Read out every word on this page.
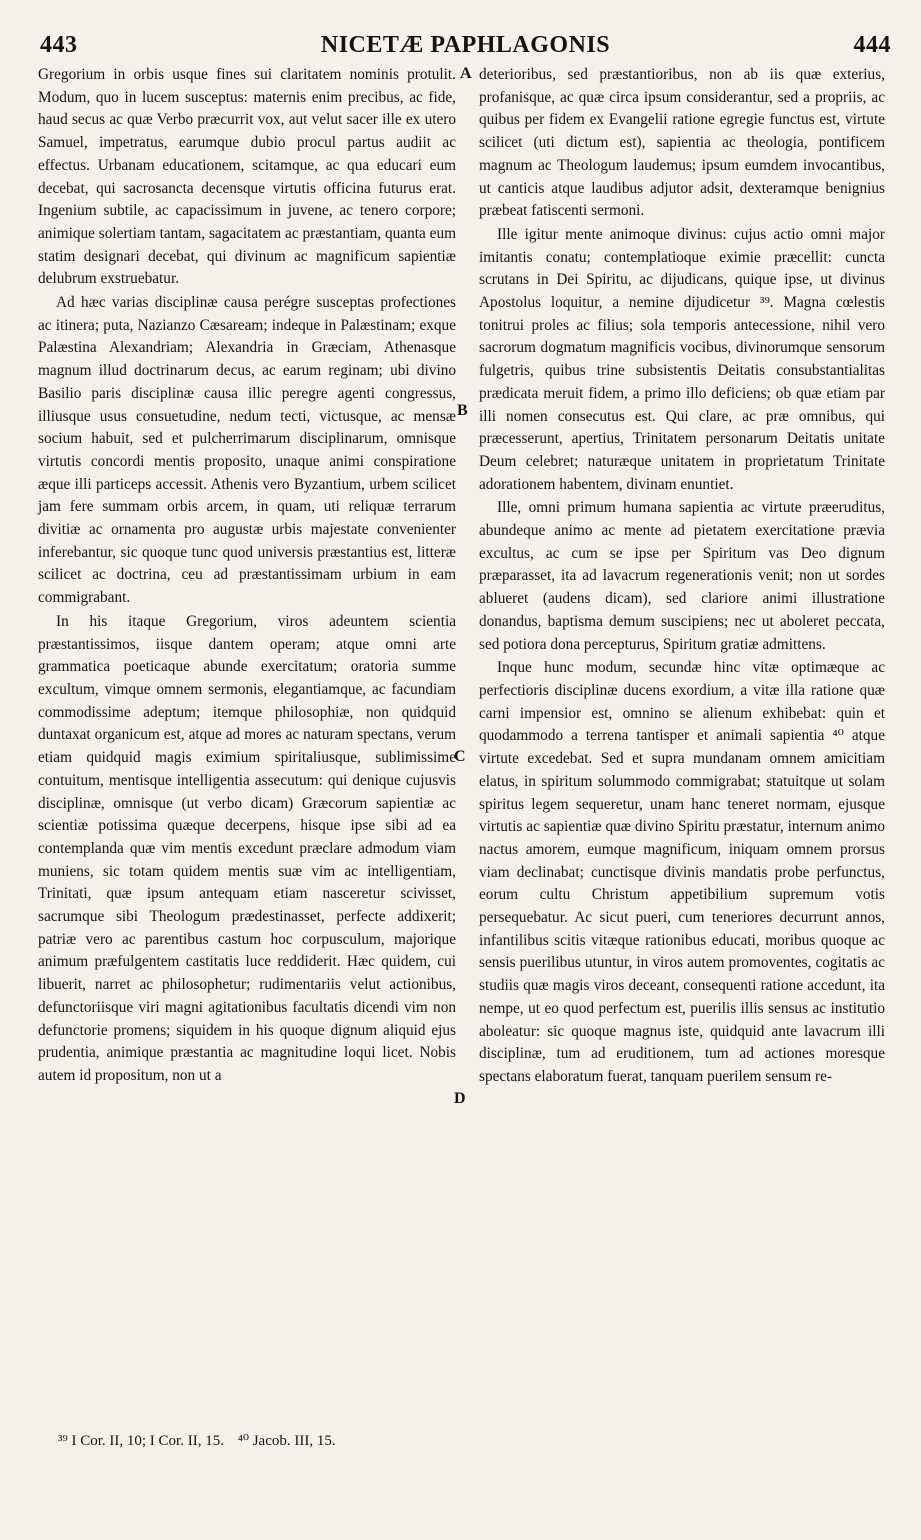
443	NICETÆ PAPHLAGONIS	444

Gregorium in orbis usque fines sui claritatem nominis protulit. Modum, quo in lucem susceptus: maternis enim precibus, ac fide, haud secus ac quæ Verbo præcurrit vox, aut velut sacer ille ex utero Samuel, impetratus, earumque dubio procul partus audiit ac effectus. Urbanam educationem, scitamque, ac qua educari eum decebat, qui sacrosancta decensque virtutis officina futurus erat. Ingenium subtile, ac capacissimum in juvene, ac tenero corpore; animique solertiam tantam, sagacitatem ac præstantiam, quanta eum statim designari decebat, qui divinum ac magnificum sapientiæ delubrum exstruebatur.

Ad hæc varias disciplinæ causa perégre susceptas profectiones ac itinera; puta, Nazianzo Cæsaream; indeque in Palæstinam; exque Palæstina Alexandriam; Alexandria in Græciam, Athenasque magnum illud doctrinarum decus, ac earum reginam; ubi divino Basilio paris disciplinæ causa illic peregre agenti congressus, illiusque usus consuetudine, nedum tecti, victusque, ac mensæ socium habuit, sed et pulcherrimarum disciplinarum, omnisque virtutis concordi mentis proposito, unaque animi conspiratione æque illi particeps accessit. Athenis vero Byzantium, urbem scilicet jam fere summam orbis arcem, in quam, uti reliquæ terrarum divitiæ ac ornamenta pro augustæ urbis majestate convenienter inferebantur, sic quoque tunc quod universis præstantius est, litteræ scilicet ac doctrina, ceu ad præstantissimam urbium in eam commigrabant.

In his itaque Gregorium, viros adeuntem scientia præstantissimos, iisque dantem operam; atque omni arte grammatica poeticaque abunde exercitatum; oratoria summe excultum, vimque omnem sermonis, elegantiamque, ac facundiam commodissime adeptum; itemque philosophiæ, non quidquid duntaxat organicum est, atque ad mores ac naturam spectans, verum etiam quidquid magis eximium spiritaliusque, sublimissime contuitum, mentisque intelligentia assecutum: qui denique cujusvis disciplinæ, omnisque (ut verbo dicam) Græcorum sapientiæ ac scientiæ potissima quæque decerpens, hisque ipse sibi ad ea contemplanda quæ vim mentis excedunt præclare admodum viam muniens, sic totam quidem mentis suæ vim ac intelligentiam, Trinitati, quæ ipsum antequam etiam nasceretur scivisset, sacrumque sibi Theologum prædestinasset, perfecte addixerit; patriæ vero ac parentibus castum hoc corpusculum, majorique animum præfulgentem castitatis luce reddiderit. Hæc quidem, cui libuerit, narret ac philosophetur; rudimentariis velut actionibus, defunctoriisque viri magni agitationibus facultatis dicendi vim non defunctorie promens; siquidem in his quoque dignum aliquid ejus prudentia, animique præstantia ac magnitudine loqui licet. Nobis autem id propositum, non ut a

A
B
C
D

deterioribus, sed præstantioribus, non ab iis quæ exterius, profanisque, ac quæ circa ipsum considerantur, sed a propriis, ac quibus per fidem ex Evangelii ratione egregie functus est, virtute scilicet (uti dictum est), sapientia ac theologia, pontificem magnum ac Theologum laudemus; ipsum eumdem invocantibus, ut canticis atque laudibus adjutor adsit, dexteramque benignius præbeat fatiscenti sermoni.

Ille igitur mente animoque divinus: cujus actio omni major imitantis conatu; contemplatioque eximie præcellit: cuncta scrutans in Dei Spiritu, ac dijudicans, quique ipse, ut divinus Apostolus loquitur, a nemine dijudicetur ³⁹. Magna cœlestis tonitrui proles ac filius; sola temporis antecessione, nihil vero sacrorum dogmatum magnificis vocibus, divinorumque sensorum fulgetris, quibus trine subsistentis Deitatis consubstantialitas prædicata meruit fidem, a primo illo deficiens; ob quæ etiam par illi nomen consecutus est. Qui clare, ac præ omnibus, qui præcesserunt, apertius, Trinitatem personarum Deitatis unitate Deum celebret; naturæque unitatem in proprietatum Trinitate adorationem habentem, divinam enuntiet.

Ille, omni primum humana sapientia ac virtute præeruditus, abundeque animo ac mente ad pietatem exercitatione prævia excultus, ac cum se ipse per Spiritum vas Deo dignum præparasset, ita ad lavacrum regenerationis venit; non ut sordes ablueret (audens dicam), sed clariore animi illustratione donandus, baptisma demum suscipiens; nec ut aboleret peccata, sed potiora dona percepturus, Spiritum gratiæ admittens.

Inque hunc modum, secundæ hinc vitæ optimæque ac perfectioris disciplinæ ducens exordium, a vitæ illa ratione quæ carni impensior est, omnino se alienum exhibebat: quin et quodammodo a terrena tantisper et animali sapientia ⁴⁰ atque virtute excedebat. Sed et supra mundanam omnem amicitiam elatus, in spiritum solummodo commigrabat; statuitque ut solam spiritus legem sequeretur, unam hanc teneret normam, ejusque virtutis ac sapientiæ quæ divino Spiritu præstatur, internum animo nactus amorem, eumque magnificum, iniquam omnem prorsus viam declinabat; cunctisque divinis mandatis probe perfunctus, eorum cultu Christum appetibilium supremum votis persequebatur. Ac sicut pueri, cum teneriores decurrunt annos, infantilibus scitis vitæque rationibus educati, moribus quoque ac sensis puerilibus utuntur, in viros autem promoventes, cogitatis ac studiis quæ magis viros deceant, consequenti ratione accedunt, ita nempe, ut eo quod perfectum est, puerilis illis sensus ac institutio aboleatur: sic quoque magnus iste, quidquid ante lavacrum illi disciplinæ, tum ad eruditionem, tum ad actiones moresque spectans elaboratum fuerat, tanquam puerilem sensum re-

³⁹ I Cor. II, 10; I Cor. II, 15. ⁴⁰ Jacob. III, 15.
